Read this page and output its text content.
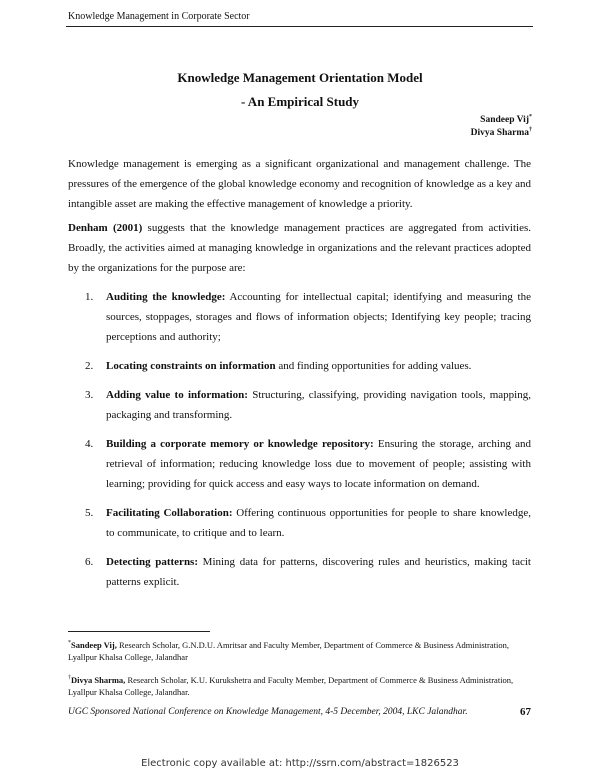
Knowledge Management in Corporate Sector
Knowledge Management Orientation Model
- An Empirical Study
Sandeep Vij*
Divya Sharma†
Knowledge management is emerging as a significant organizational and management challenge. The pressures of the emergence of the global knowledge economy and recognition of knowledge as a key and intangible asset are making the effective management of knowledge a priority.
Denham (2001) suggests that the knowledge management practices are aggregated from activities. Broadly, the activities aimed at managing knowledge in organizations and the relevant practices adopted by the organizations for the purpose are:
1. Auditing the knowledge: Accounting for intellectual capital; identifying and measuring the sources, stoppages, storages and flows of information objects; Identifying key people; tracing perceptions and authority;
2. Locating constraints on information and finding opportunities for adding values.
3. Adding value to information: Structuring, classifying, providing navigation tools, mapping, packaging and transforming.
4. Building a corporate memory or knowledge repository: Ensuring the storage, arching and retrieval of information; reducing knowledge loss due to movement of people; assisting with learning; providing for quick access and easy ways to locate information on demand.
5. Facilitating Collaboration: Offering continuous opportunities for people to share knowledge, to communicate, to critique and to learn.
6. Detecting patterns: Mining data for patterns, discovering rules and heuristics, making tacit patterns explicit.
*Sandeep Vij, Research Scholar, G.N.D.U. Amritsar and Faculty Member, Department of Commerce & Business Administration, Lyallpur Khalsa College, Jalandhar
†Divya Sharma, Research Scholar, K.U. Kurukshetra and Faculty Member, Department of Commerce & Business Administration, Lyallpur Khalsa College, Jalandhar.
UGC Sponsored National Conference on Knowledge Management, 4-5 December, 2004, LKC Jalandhar.	67
Electronic copy available at: http://ssrn.com/abstract=1826523
